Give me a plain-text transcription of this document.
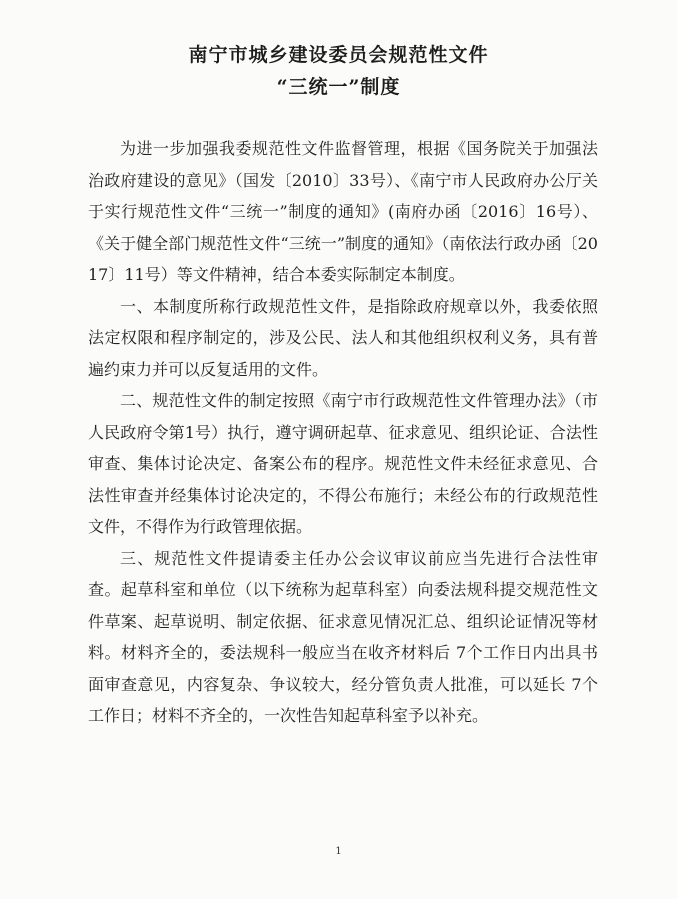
南宁市城乡建设委员会规范性文件
“三统一”制度

为进一步加强我委规范性文件监督管理，根据《国务院关于加强法治政府建设的意见》（国发〔2010〕33号）、《南宁市人民政府办公厅关于实行规范性文件“三统一”制度的通知》(南府办函〔2016〕16号）、《关于健全部门规范性文件“三统一”制度的通知》（南依法行政办函〔2017〕11号）等文件精神，结合本委实际制定本制度。

一、本制度所称行政规范性文件，是指除政府规章以外，我委依照法定权限和程序制定的，涉及公民、法人和其他组织权利义务，具有普遍约束力并可以反复适用的文件。

二、规范性文件的制定按照《南宁市行政规范性文件管理办法》（市人民政府令第1号）执行，遵守调研起草、征求意见、组织论证、合法性审查、集体讨论决定、备案公布的程序。规范性文件未经征求意见、合法性审查并经集体讨论决定的，不得公布施行；未经公布的行政规范性文件，不得作为行政管理依据。

三、规范性文件提请委主任办公会议审议前应当先进行合法性审查。起草科室和单位（以下统称为起草科室）向委法规科提交规范性文件草案、起草说明、制定依据、征求意见情况汇总、组织论证情况等材料。材料齐全的，委法规科一般应当在收齐材料后 7个工作日内出具书面审查意见，内容复杂、争议较大，经分管负责人批准，可以延长 7个工作日；材料不齐全的，一次性告知起草科室予以补充。

1
